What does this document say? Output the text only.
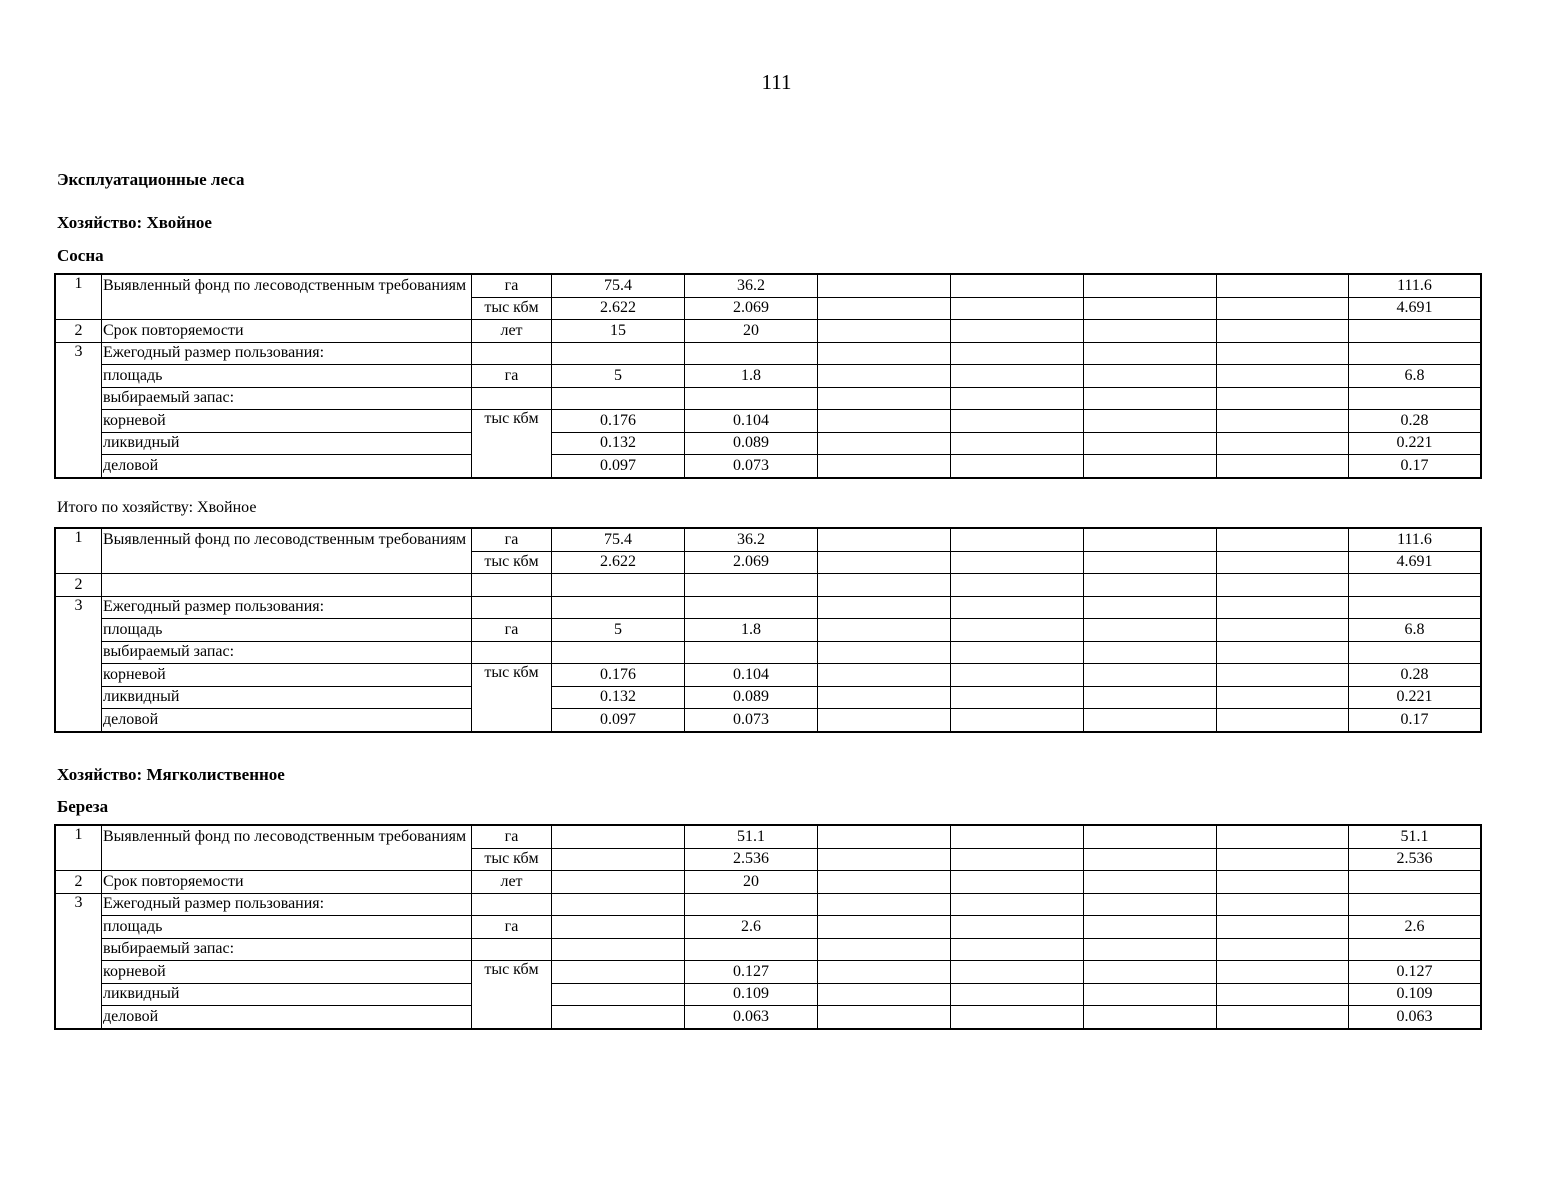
111
Эксплуатационные леса
Хозяйство: Хвойное
Сосна
1	Выявленный фонд по лесоводственным требованиям	га	75.4	36.2					111.6
		тыс кбм	2.622	2.069					4.691
2	Срок повторяемости	лет	15	20					
3	Ежегодный размер пользования:								
	площадь	га	5	1.8					6.8
	выбираемый запас:								
	корневой	тыс кбм	0.176	0.104					0.28
	ликвидный		0.132	0.089					0.221
	деловой		0.097	0.073					0.17
Итого по хозяйству: Хвойное
1	Выявленный фонд по лесоводственным требованиям	га	75.4	36.2					111.6
		тыс кбм	2.622	2.069					4.691
2									
3	Ежегодный размер пользования:								
	площадь	га	5	1.8					6.8
	выбираемый запас:								
	корневой	тыс кбм	0.176	0.104					0.28
	ликвидный		0.132	0.089					0.221
	деловой		0.097	0.073					0.17
Хозяйство: Мягколиственное
Береза
1	Выявленный фонд по лесоводственным требованиям	га		51.1					51.1
		тыс кбм		2.536					2.536
2	Срок повторяемости	лет		20					
3	Ежегодный размер пользования:								
	площадь	га		2.6					2.6
	выбираемый запас:								
	корневой	тыс кбм		0.127					0.127
	ликвидный			0.109					0.109
	деловой			0.063					0.063
